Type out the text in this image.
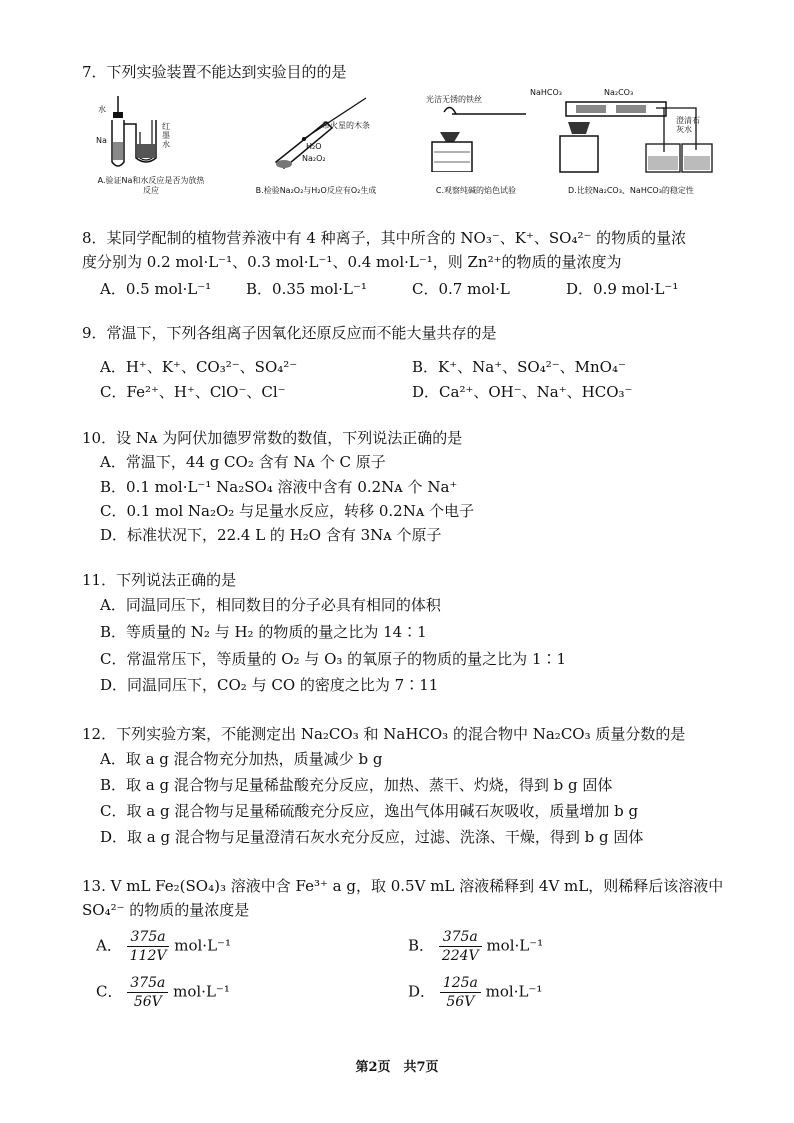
7．下列实验装置不能达到实验目的的是
水
Na
红墨水
A.验证Na和水反应是否为放热反应
带火星的木条
H₂O
Na₂O₂
B.检验Na₂O₂与H₂O反应有O₂生成
光洁无锈的铁丝
C.观察纯碱的焰色试验
NaHCO₃	Na₂CO₃
澄清石灰水
D.比较Na₂CO₃、NaHCO₃的稳定性
8．某同学配制的植物营养液中有 4 种离子，其中所含的 NO₃⁻、K⁺、SO₄²⁻ 的物质的量浓
度分别为 0.2 mol·L⁻¹、0.3 mol·L⁻¹、0.4 mol·L⁻¹，则 Zn²⁺的物质的量浓度为
A．0.5 mol·L⁻¹ B．0.35 mol·L⁻¹	C．0.7 mol·L	D．0.9 mol·L⁻¹
9．常温下，下列各组离子因氧化还原反应而不能大量共存的是
A．H⁺、K⁺、CO₃²⁻、SO₄²⁻	B．K⁺、Na⁺、SO₄²⁻、MnO₄⁻
C．Fe²⁺、H⁺、ClO⁻、Cl⁻	D．Ca²⁺、OH⁻、Na⁺、HCO₃⁻
10．设 Nᴀ 为阿伏加德罗常数的数值，下列说法正确的是
A．常温下，44 g CO₂ 含有 Nᴀ 个 C 原子
B．0.1 mol·L⁻¹ Na₂SO₄ 溶液中含有 0.2Nᴀ 个 Na⁺
C．0.1 mol Na₂O₂ 与足量水反应，转移 0.2Nᴀ 个电子
D．标准状况下，22.4 L 的 H₂O 含有 3Nᴀ 个原子
11．下列说法正确的是
A．同温同压下，相同数目的分子必具有相同的体积
B．等质量的 N₂ 与 H₂ 的物质的量之比为 14∶1
C．常温常压下，等质量的 O₂ 与 O₃ 的氧原子的物质的量之比为 1∶1
D．同温同压下，CO₂ 与 CO 的密度之比为 7∶11
12．下列实验方案，不能测定出 Na₂CO₃ 和 NaHCO₃ 的混合物中 Na₂CO₃ 质量分数的是
A．取 a g 混合物充分加热，质量减少 b g
B．取 a g 混合物与足量稀盐酸充分反应，加热、蒸干、灼烧，得到 b g 固体
C．取 a g 混合物与足量稀硫酸充分反应，逸出气体用碱石灰吸收，质量增加 b g
D．取 a g 混合物与足量澄清石灰水充分反应，过滤、洗涤、干燥，得到 b g 固体
13. V mL Fe₂(SO₄)₃ 溶液中含 Fe³⁺ a g，取 0.5V mL 溶液稀释到 4V mL，则稀释后该溶液中
SO₄²⁻ 的物质的量浓度是
A． $\frac{375a}{112V} mol\cdot L^{-1}$	B． $\frac{375a}{224V} mol\cdot L^{-1}$
C． $\frac{375a}{56V} mol\cdot L^{-1}$	D． $\frac{125a}{56V} mol\cdot L^{-1}$
第2页　共7页
